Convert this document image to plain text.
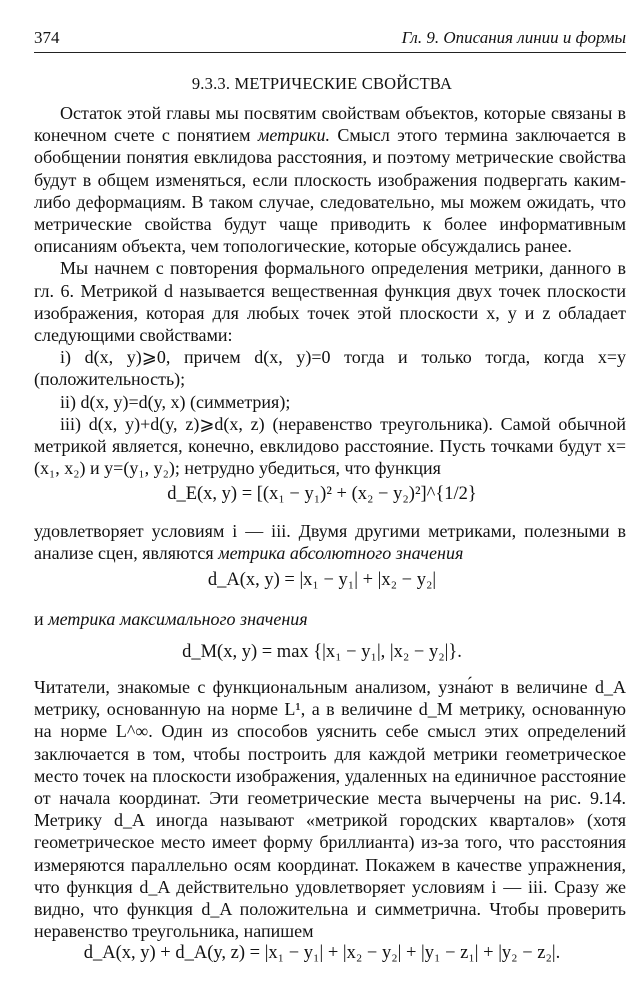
374	Гл. 9. Описания линии и формы
9.3.3. МЕТРИЧЕСКИЕ СВОЙСТВА

Остаток этой главы мы посвятим свойствам объектов, которые связаны в конечном счете с понятием метрики. Смысл этого термина заключается в обобщении понятия евклидова расстояния, и поэтому метрические свойства будут в общем изменяться, если плоскость изображения подвергать каким-либо деформациям. В таком случае, следовательно, мы можем ожидать, что метрические свойства будут чаще приводить к более информативным описаниям объекта, чем топологические, которые обсуждались ранее.

Мы начнем с повторения формального определения метрики, данного в гл. 6. Метрикой d называется вещественная функция двух точек плоскости изображения, которая для любых точек этой плоскости x, y и z обладает следующими свойствами:

i) d(x, y)⩾0, причем d(x, y)=0 тогда и только тогда, когда x=y (положительность);

ii) d(x, y)=d(y, x) (симметрия);

iii) d(x, y)+d(y, z)⩾d(x, z) (неравенство треугольника). Самой обычной метрикой является, конечно, евклидово расстояние. Пусть точками будут x=(x₁, x₂) и y=(y₁, y₂); нетрудно убедиться, что функция

d_E(x, y) = [(x₁ − y₁)² + (x₂ − y₂)²]^{1/2}

удовлетворяет условиям i — iii. Двумя другими метриками, полезными в анализе сцен, являются метрика абсолютного значения

d_A(x, y) = |x₁ − y₁| + |x₂ − y₂|

и метрика максимального значения

d_M(x, y) = max {|x₁ − y₁|, |x₂ − y₂|}.

Читатели, знакомые с функциональным анализом, узна́ют в величине d_A метрику, основанную на норме L¹, а в величине d_M метрику, основанную на норме L^∞. Один из способов уяснить себе смысл этих определений заключается в том, чтобы построить для каждой метрики геометрическое место точек на плоскости изображения, удаленных на единичное расстояние от начала координат. Эти геометрические места вычерчены на рис. 9.14. Метрику d_A иногда называют «метрикой городских кварталов» (хотя геометрическое место имеет форму бриллианта) из-за того, что расстояния измеряются параллельно осям координат. Покажем в качестве упражнения, что функция d_A действительно удовлетворяет условиям i — iii. Сразу же видно, что функция d_A положительна и симметрична. Чтобы проверить неравенство треугольника, напишем

d_A(x, y) + d_A(y, z) = |x₁ − y₁| + |x₂ − y₂| + |y₁ − z₁| + |y₂ − z₂|.
